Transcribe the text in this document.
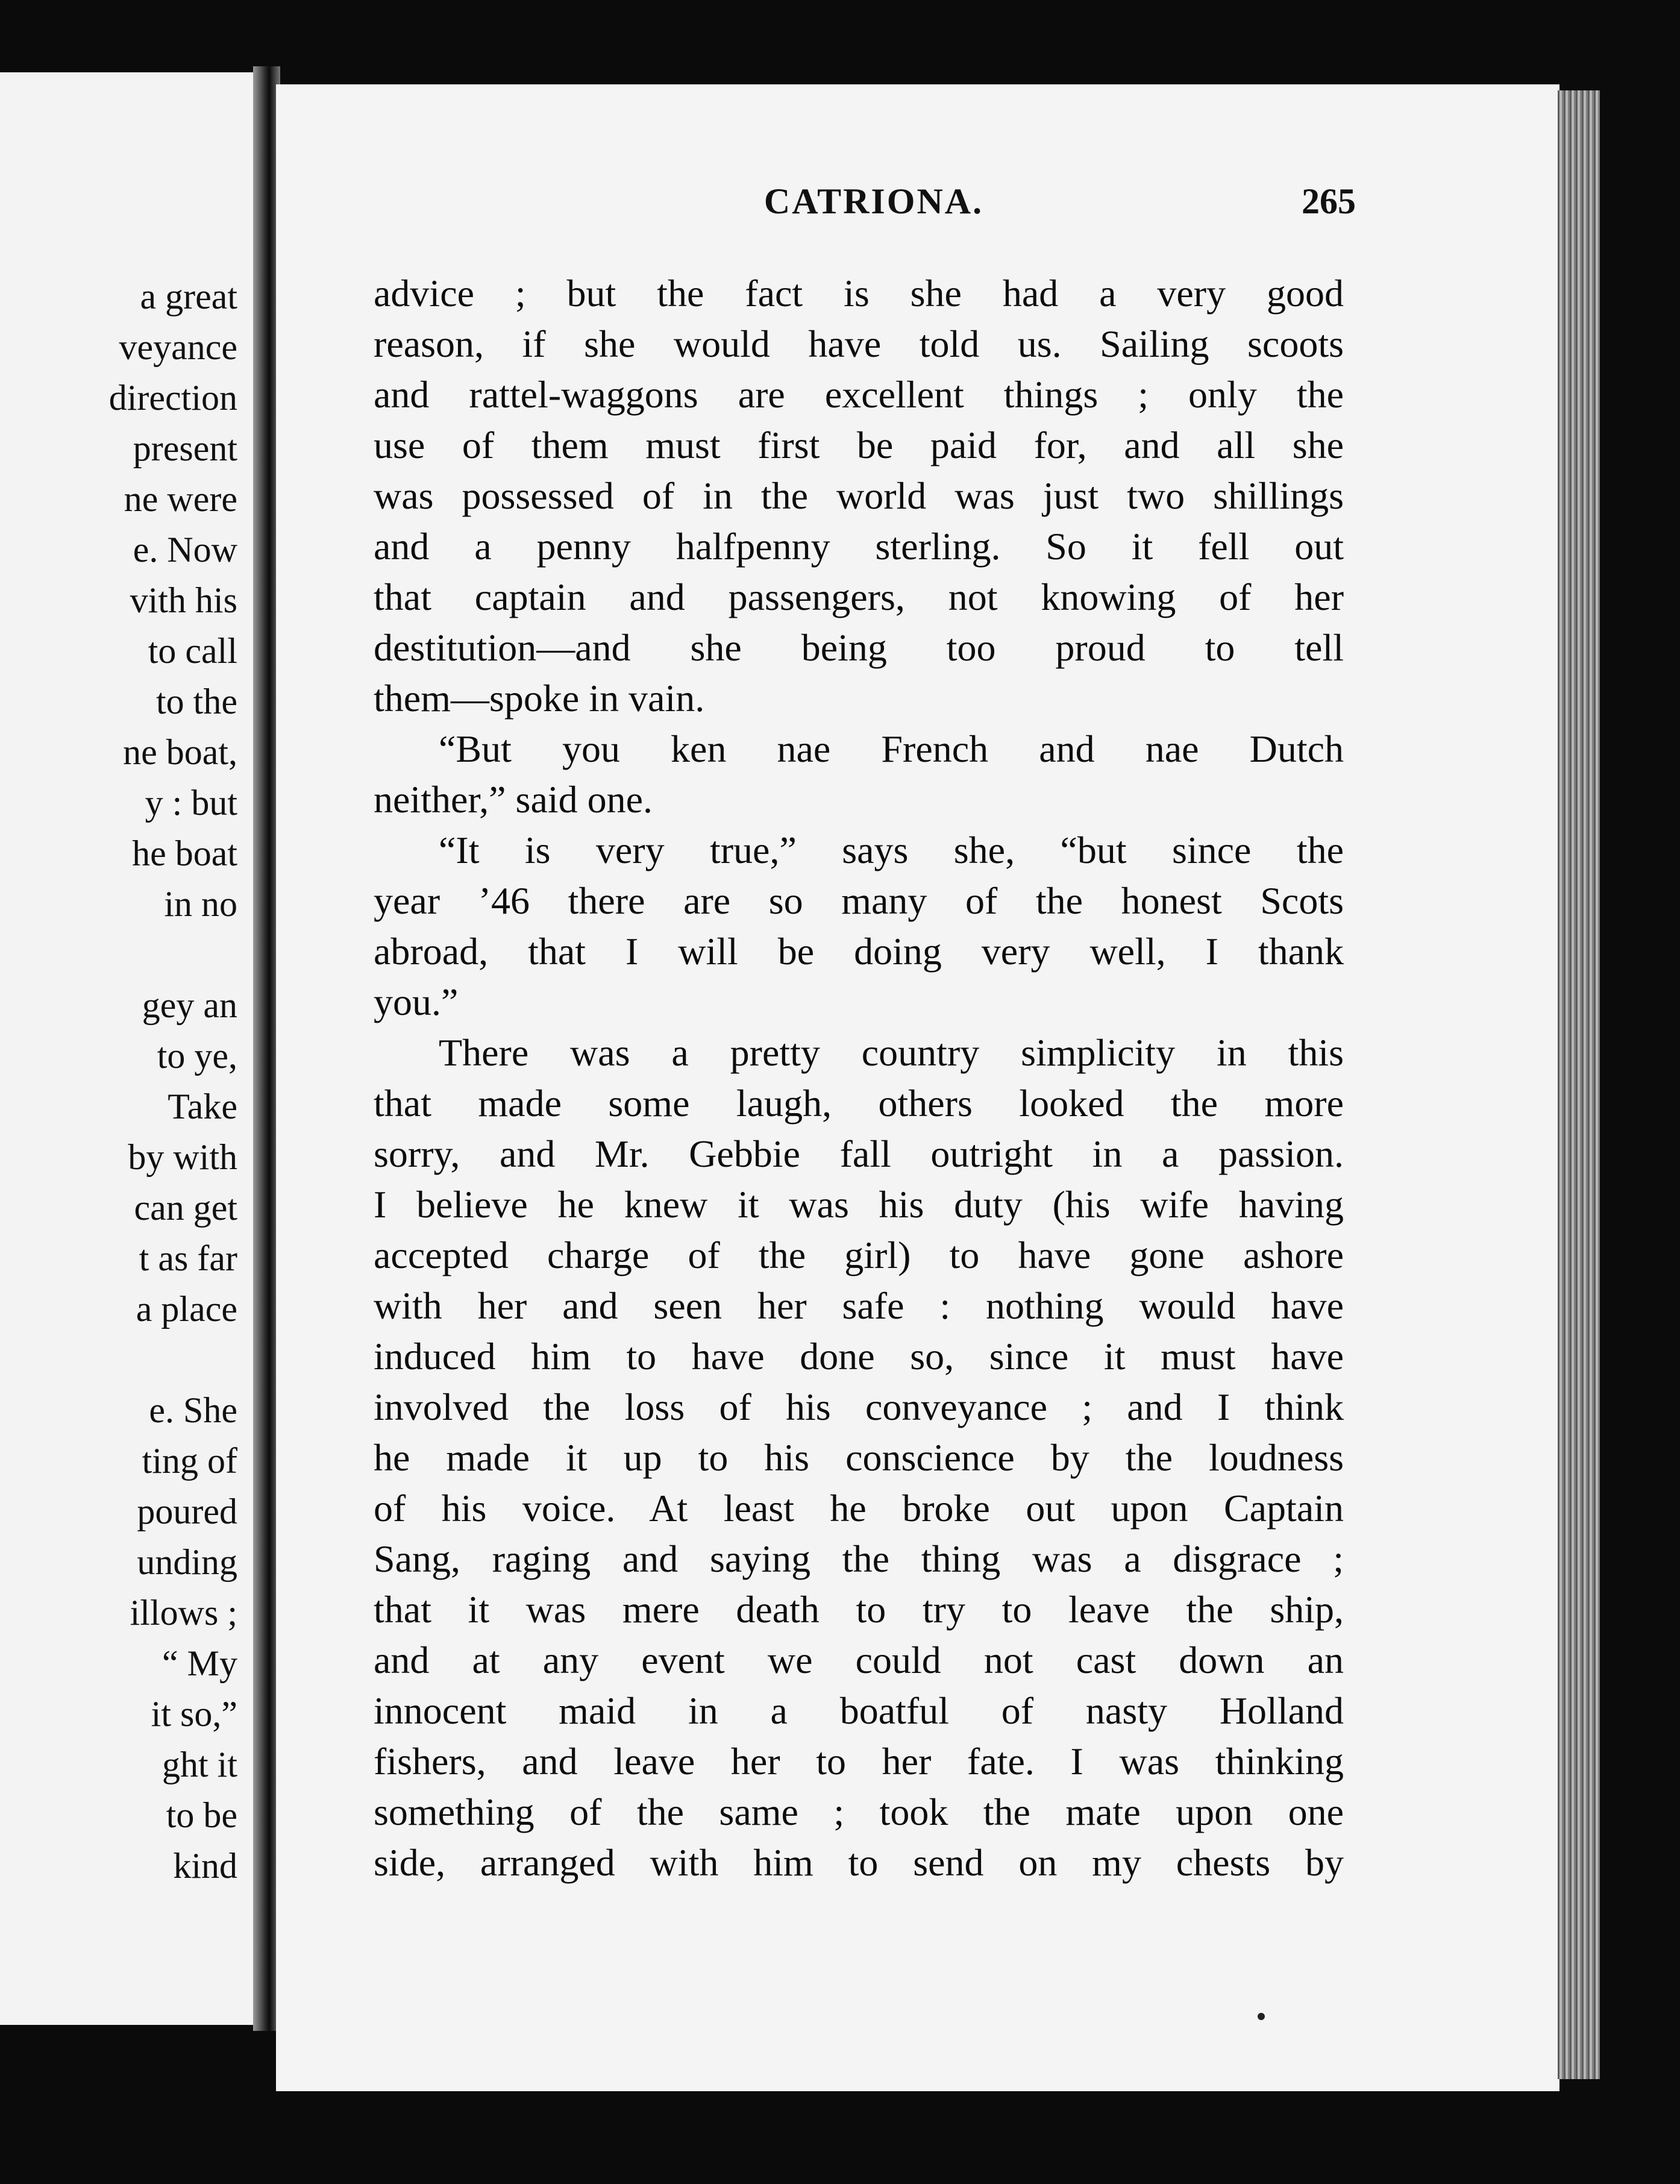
a great
veyance
direction
present
ne were
e. Now
vith his
to call
to the
ne boat,
y : but
he boat
in no
gey an
to ye,
Take
by with
can get
t as far
a place
e. She
ting of
poured
unding
illows ;
“ My
it so,”
ght it
to be
kind
CATRIONA.	265
advice ; but the fact is she had a very good
reason, if she would have told us. Sailing scoots
and rattel-waggons are excellent things ; only the
use of them must first be paid for, and all she
was possessed of in the world was just two shillings
and a penny halfpenny sterling. So it fell out
that captain and passengers, not knowing of her
destitution—and she being too proud to tell
them—spoke in vain.
“But you ken nae French and nae Dutch
neither,” said one.
“It is very true,” says she, “but since the
year ’46 there are so many of the honest Scots
abroad, that I will be doing very well, I thank
you.”
There was a pretty country simplicity in this
that made some laugh, others looked the more
sorry, and Mr. Gebbie fall outright in a passion.
I believe he knew it was his duty (his wife having
accepted charge of the girl) to have gone ashore
with her and seen her safe : nothing would have
induced him to have done so, since it must have
involved the loss of his conveyance ; and I think
he made it up to his conscience by the loudness
of his voice. At least he broke out upon Captain
Sang, raging and saying the thing was a disgrace ;
that it was mere death to try to leave the ship,
and at any event we could not cast down an
innocent maid in a boatful of nasty Holland
fishers, and leave her to her fate. I was thinking
something of the same ; took the mate upon one
side, arranged with him to send on my chests by
